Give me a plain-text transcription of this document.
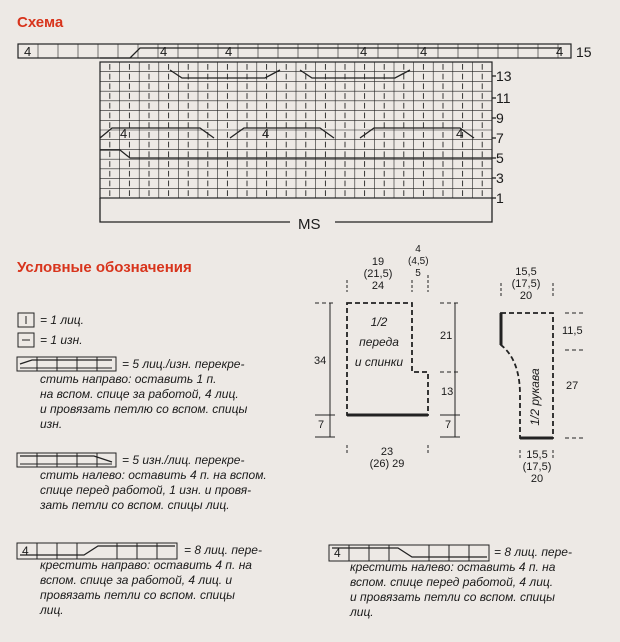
Схема
Условные обозначения
4	4	4	4	4	4
4	4	4
15
13
11
9
7
5
3
1
MS
4	4
= 1 лиц.
= 1 изн.
= 5 лиц./изн. перекре-
стить направо: оставить 1 п.
на вспом. спице за работой, 4 лиц.
и провязать петлю со вспом. спицы
изн.
= 5 изн./лиц. перекре-
стить налево: оставить 4 п. на вспом.
спице перед работой, 1 изн. и провя-
зать петли со вспом. спицы лиц.
= 8 лиц. пере-
крестить направо: оставить 4 п. на
вспом. спице за работой, 4 лиц. и
провязать петли со вспом. спицы
лиц.
= 8 лиц. пере-
крестить налево: оставить 4 п. на
вспом. спице перед работой, 4 лиц.
и провязать петли со вспом. спицы
лиц.
19
(21,5)
24
4
(4,5)
5
1/2
переда
и спинки
21
34
13
7	7
23
(26) 29
15,5
(17,5)
20
1/2 рукава
11,5
27
15,5
(17,5)
20
